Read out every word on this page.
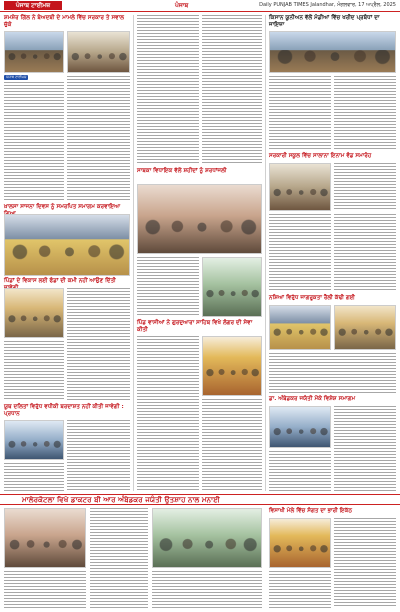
ਪੰਜਾਬ ਟਾਈਮਜ਼	ਪੰਜਾਬ	Daily PUNJAB TIMES Jalandhar, ਮੰਗਲਵਾਰ, 17 ਅਪ੍ਰੈਲ, 2025
ਸ਼ਮਸ਼ੇਰ ਗਿੱਲ ਨੇ ਬੇਅਦਬੀ ਦੇ ਮਾਮਲੇ ਵਿੱਚ ਸਰਕਾਰ ਤੇ ਸਵਾਲ ਚੁੱਕੇ
ਪੰਜਾਬ ਟਾਈਮਜ਼
ਖ਼ਾਲਸਾ ਸਾਜਨਾ ਦਿਵਸ ਨੂੰ ਸਮਰਪਿਤ ਸਮਾਗਮ ਕਰਵਾਇਆ
ਪਿੰਡਾਂ ਦੇ ਵਿਕਾਸ ਲਈ ਫੰਡਾਂ ਦੀ ਕਮੀ ਨਹੀਂ ਆਉਣ ਦਿੱਤੀ
ਯੂਥ ਦਲਿਤਾਂ ਵਿਰੁੱਧ ਵਧੀਕੀ ਬਰਦਾਸ਼ਤ ਨਹੀਂ ਕੀਤੀ ਜਾਵੇਗੀ : ਪ੍ਰਧਾਨ
ਸਾਬਕਾ ਵਿਧਾਇਕ ਵੱਲੋਂ ਸ਼ਹੀਦਾਂ ਨੂੰ ਸ਼ਰਧਾਂਜਲੀ
ਪਿੰਡ ਵਾਸੀਆਂ ਨੇ ਗੁਰਦੁਆਰਾ ਸਾਹਿਬ ਵਿਖੇ ਲੰਗਰ ਦੀ ਸੇਵਾ ਕੀਤੀ
ਕਿਸਾਨ ਯੂਨੀਅਨ ਵੱਲੋਂ ਮੰਡੀਆਂ ਵਿੱਚ ਖਰੀਦ ਪ੍ਰਬੰਧਾਂ ਦਾ ਜਾਇਜ਼ਾ
ਸਰਕਾਰੀ ਸਕੂਲ ਵਿੱਚ ਸਾਲਾਨਾ ਇਨਾਮ ਵੰਡ ਸਮਾਰੋਹ
ਨਸ਼ਿਆਂ ਵਿਰੁੱਧ ਜਾਗਰੂਕਤਾ ਰੈਲੀ ਕੱਢੀ ਗਈ
ਡਾ. ਅੰਬੇਡਕਰ ਜਯੰਤੀ ਮੌਕੇ ਵਿਸ਼ੇਸ਼ ਸਮਾਗਮ
ਮਾਲੇਰਕੋਟਲਾ ਵਿਖੇ ਡਾਕਟਰ ਬੀ ਆਰ ਅੰਬੇਡਕਰ ਜਯੰਤੀ ਉਤਸ਼ਾਹ ਨਾਲ ਮਨਾਈ
ਵਿਸਾਖੀ ਮੇਲੇ ਵਿੱਚ ਸੰਗਤ ਦਾ ਭਾਰੀ ਇਕੱਠ
